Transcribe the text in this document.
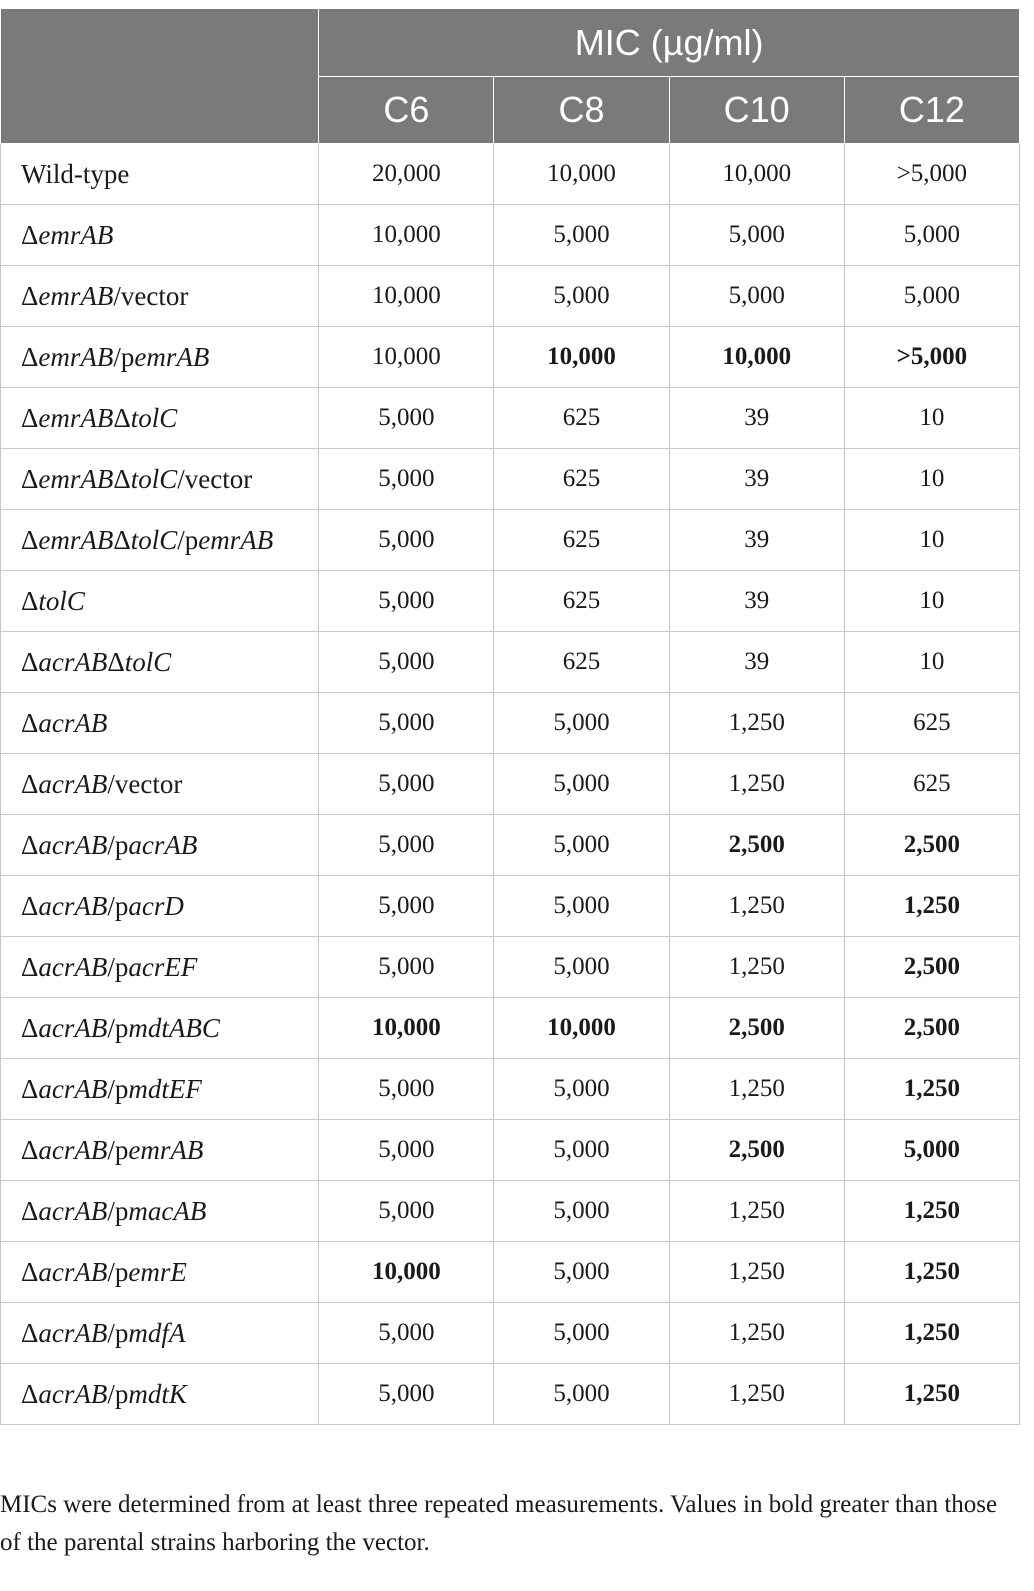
	MIC (µg/ml)			
	C6	C8	C10	C12
Wild-type	20,000	10,000	10,000	>5,000
ΔemrAB	10,000	5,000	5,000	5,000
ΔemrAB/vector	10,000	5,000	5,000	5,000
ΔemrAB/pemrAB	10,000	10,000	10,000	>5,000
ΔemrABΔtolC	5,000	625	39	10
ΔemrABΔtolC/vector	5,000	625	39	10
ΔemrABΔtolC/pemrAB	5,000	625	39	10
ΔtolC	5,000	625	39	10
ΔacrABΔtolC	5,000	625	39	10
ΔacrAB	5,000	5,000	1,250	625
ΔacrAB/vector	5,000	5,000	1,250	625
ΔacrAB/pacrAB	5,000	5,000	2,500	2,500
ΔacrAB/pacrD	5,000	5,000	1,250	1,250
ΔacrAB/pacrEF	5,000	5,000	1,250	2,500
ΔacrAB/pmdtABC	10,000	10,000	2,500	2,500
ΔacrAB/pmdtEF	5,000	5,000	1,250	1,250
ΔacrAB/pemrAB	5,000	5,000	2,500	5,000
ΔacrAB/pmacAB	5,000	5,000	1,250	1,250
ΔacrAB/pemrE	10,000	5,000	1,250	1,250
ΔacrAB/pmdfA	5,000	5,000	1,250	1,250
ΔacrAB/pmdtK	5,000	5,000	1,250	1,250
MICs were determined from at least three repeated measurements. Values in bold greater than those of the parental strains harboring the vector.
